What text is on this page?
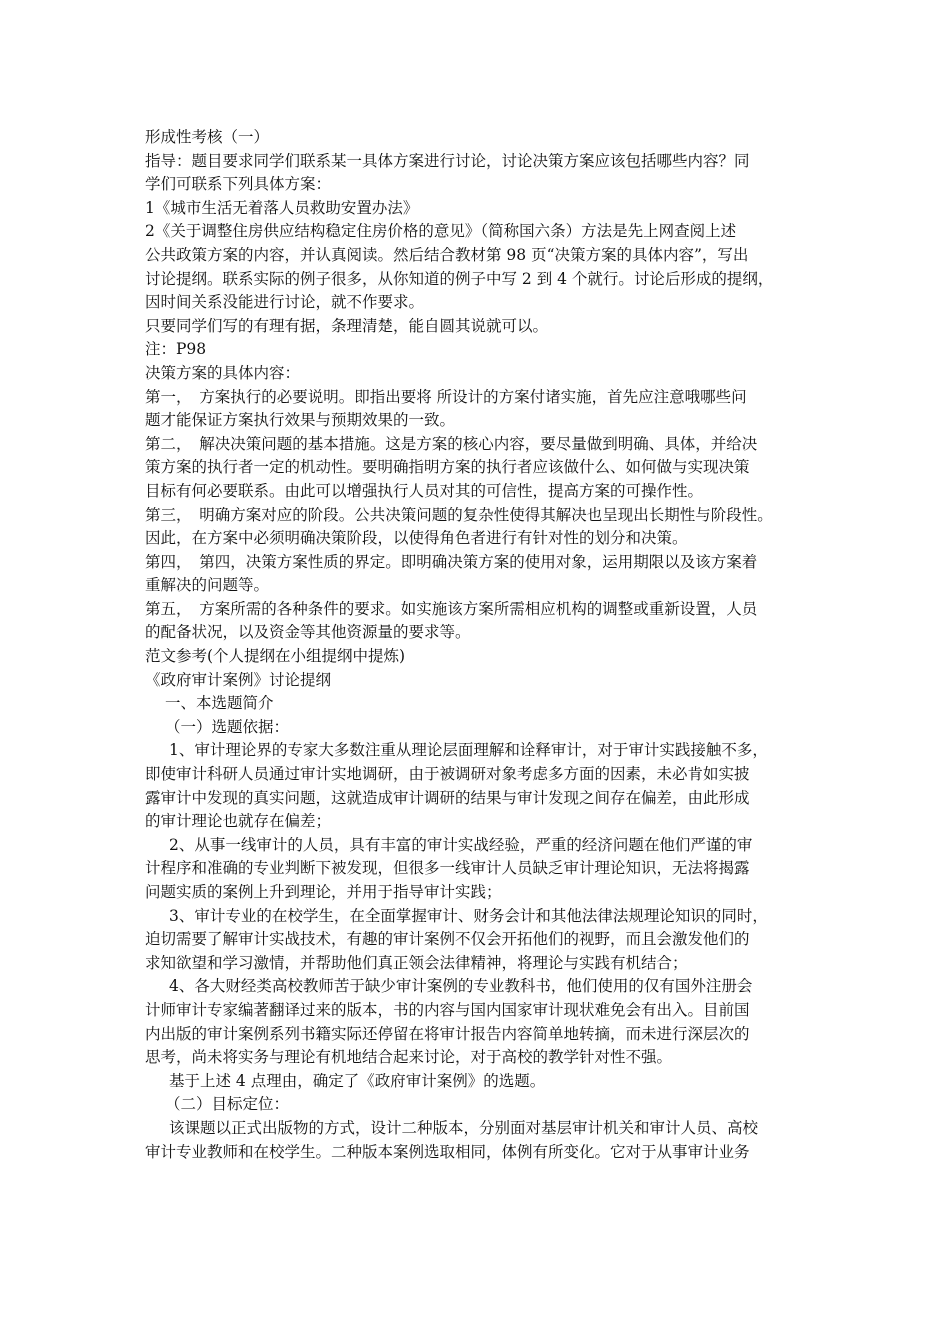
形成性考核（一）
指导：题目要求同学们联系某一具体方案进行讨论，讨论决策方案应该包括哪些内容？同
学们可联系下列具体方案：
1《城市生活无着落人员救助安置办法》
2《关于调整住房供应结构稳定住房价格的意见》（简称国六条）方法是先上网查阅上述
公共政策方案的内容，并认真阅读。然后结合教材第 98 页“决策方案的具体内容”，写出
讨论提纲。联系实际的例子很多，从你知道的例子中写 2 到 4 个就行。讨论后形成的提纲，
因时间关系没能进行讨论，就不作要求。
只要同学们写的有理有据，条理清楚，能自圆其说就可以。
注：P98
决策方案的具体内容：
第一，　方案执行的必要说明。即指出要将 所设计的方案付诸实施，首先应注意哦哪些问
题才能保证方案执行效果与预期效果的一致。
第二，　解决决策问题的基本措施。这是方案的核心内容，要尽量做到明确、具体，并给决
策方案的执行者一定的机动性。要明确指明方案的执行者应该做什么、如何做与实现决策
目标有何必要联系。由此可以增强执行人员对其的可信性，提高方案的可操作性。
第三，　明确方案对应的阶段。公共决策问题的复杂性使得其解决也呈现出长期性与阶段性。
因此，在方案中必须明确决策阶段，以使得角色者进行有针对性的划分和决策。
第四，　第四，决策方案性质的界定。即明确决策方案的使用对象，运用期限以及该方案着
重解决的问题等。
第五，　方案所需的各种条件的要求。如实施该方案所需相应机构的调整或重新设置，人员
的配备状况，以及资金等其他资源量的要求等。
范文参考(个人提纲在小组提纲中提炼)
《政府审计案例》讨论提纲
一、本选题简介
（一）选题依据：
1、审计理论界的专家大多数注重从理论层面理解和诠释审计，对于审计实践接触不多，
即使审计科研人员通过审计实地调研，由于被调研对象考虑多方面的因素，未必肯如实披
露审计中发现的真实问题，这就造成审计调研的结果与审计发现之间存在偏差，由此形成
的审计理论也就存在偏差；
2、从事一线审计的人员，具有丰富的审计实战经验，严重的经济问题在他们严谨的审
计程序和准确的专业判断下被发现，但很多一线审计人员缺乏审计理论知识，无法将揭露
问题实质的案例上升到理论，并用于指导审计实践；
3、审计专业的在校学生，在全面掌握审计、财务会计和其他法律法规理论知识的同时，
迫切需要了解审计实战技术，有趣的审计案例不仅会开拓他们的视野，而且会激发他们的
求知欲望和学习激情，并帮助他们真正领会法律精神，将理论与实践有机结合；
4、各大财经类高校教师苦于缺少审计案例的专业教科书，他们使用的仅有国外注册会
计师审计专家编著翻译过来的版本，书的内容与国内国家审计现状难免会有出入。目前国
内出版的审计案例系列书籍实际还停留在将审计报告内容简单地转摘，而未进行深层次的
思考，尚未将实务与理论有机地结合起来讨论，对于高校的教学针对性不强。
基于上述 4 点理由，确定了《政府审计案例》的选题。
（二）目标定位：
该课题以正式出版物的方式，设计二种版本，分别面对基层审计机关和审计人员、高校
审计专业教师和在校学生。二种版本案例选取相同，体例有所变化。它对于从事审计业务
